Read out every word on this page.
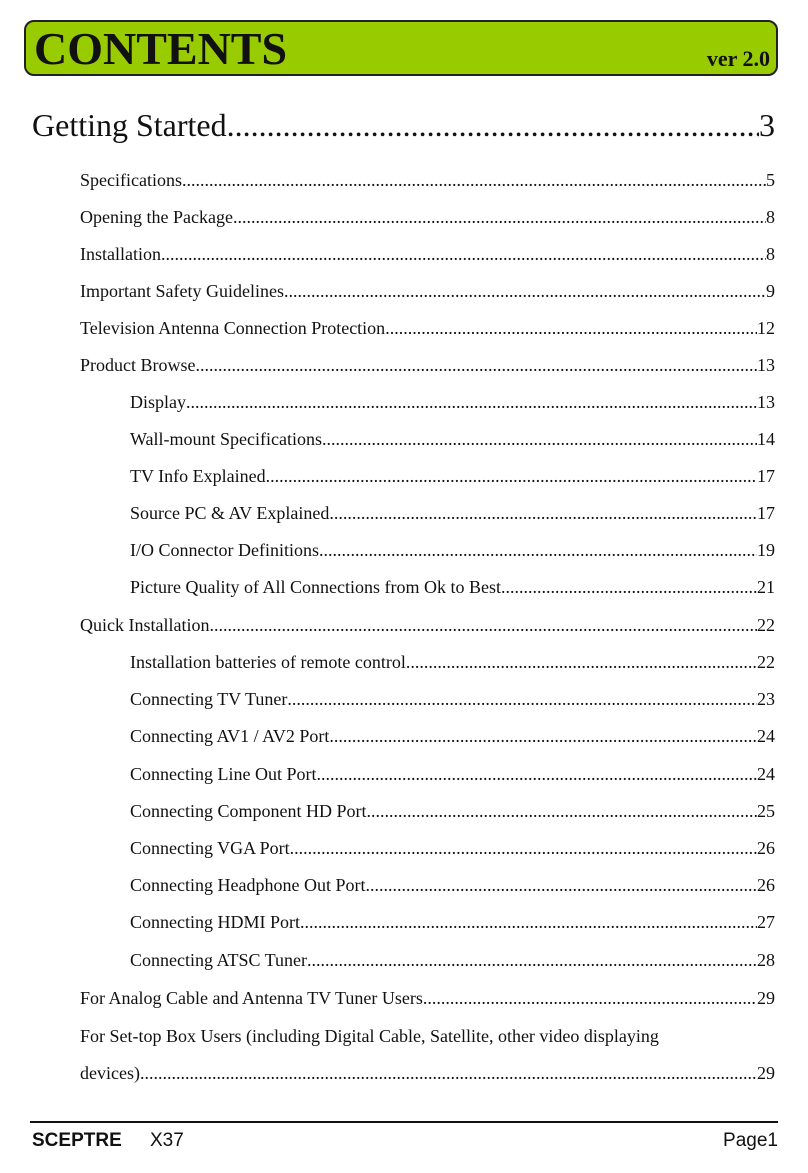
CONTENTS	ver 2.0
Getting Started .....	3
Specifications .....	5
Opening the Package .....	8
Installation .....	8
Important Safety Guidelines .....	9
Television Antenna Connection Protection .....	12
Product Browse .....	13
Display .....	13
Wall-mount Specifications .....	14
TV Info Explained .....	17
Source PC & AV Explained .....	17
I/O Connector Definitions .....	19
Picture Quality of All Connections from Ok to Best .....	21
Quick Installation .....	22
Installation batteries of remote control .....	22
Connecting TV Tuner .....	23
Connecting AV1 / AV2 Port .....	24
Connecting Line Out Port .....	24
Connecting Component HD Port .....	25
Connecting VGA Port .....	26
Connecting Headphone Out Port .....	26
Connecting HDMI Port .....	27
Connecting ATSC Tuner .....	28
For Analog Cable and Antenna TV Tuner Users .....	29
For Set-top Box Users (including Digital Cable, Satellite, other video displaying
devices) .....	29
SCEPTRE X37	Page1
